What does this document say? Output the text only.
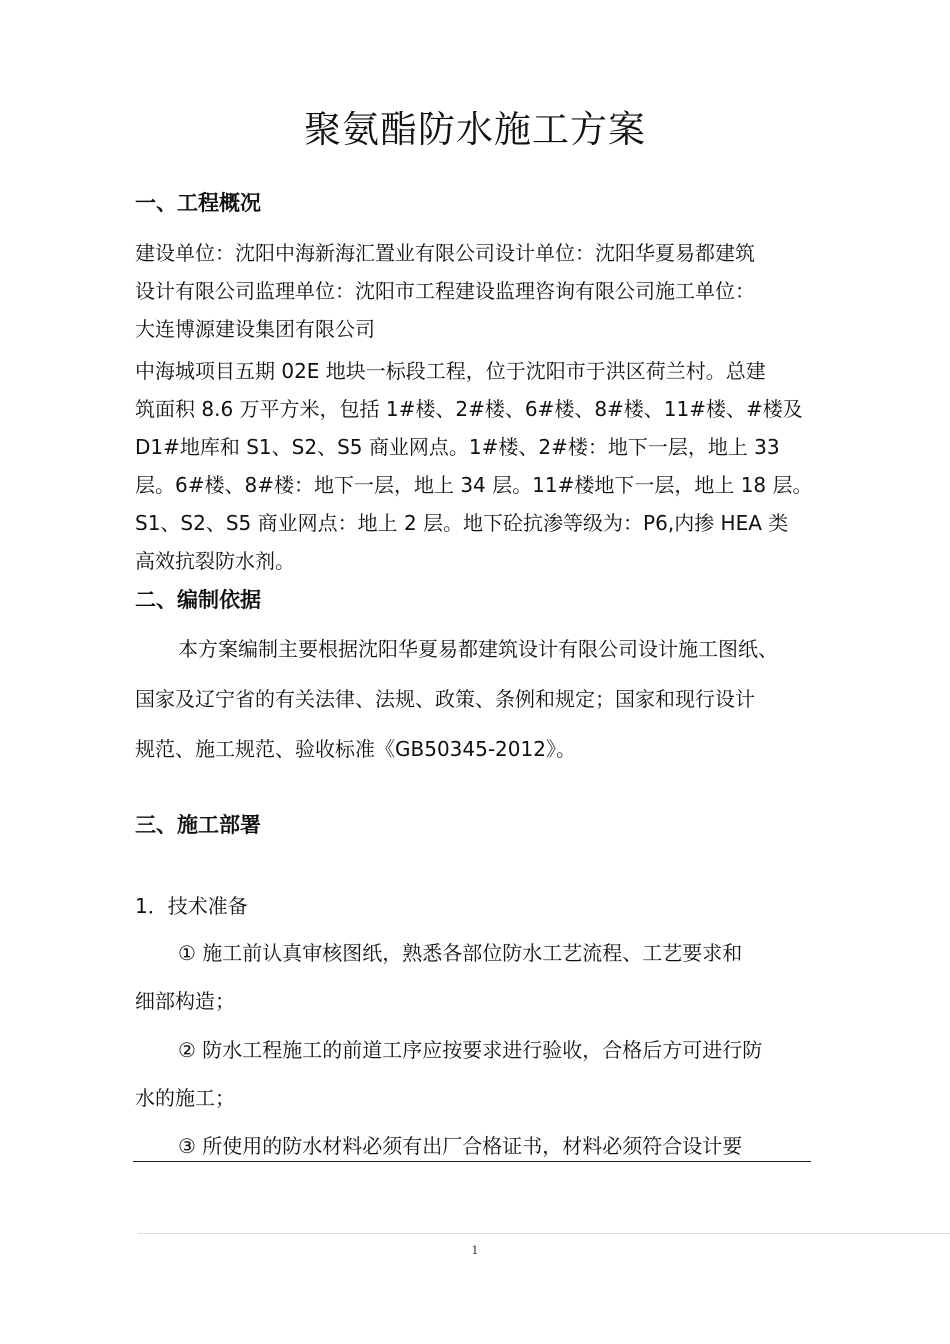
聚氨酯防水施工方案
一、工程概况
建设单位：沈阳中海新海汇置业有限公司设计单位：沈阳华夏易都建筑
设计有限公司监理单位：沈阳市工程建设监理咨询有限公司施工单位：
大连博源建设集团有限公司
中海城项目五期 02E 地块一标段工程，位于沈阳市于洪区荷兰村。总建
筑面积 8.6 万平方米，包括 1#楼、2#楼、6#楼、8#楼、11#楼、#楼及
D1#地库和 S1、S2、S5 商业网点。1#楼、2#楼：地下一层，地上 33
层。6#楼、8#楼：地下一层，地上 34 层。11#楼地下一层，地上 18 层。
S1、S2、S5 商业网点：地上 2 层。地下砼抗渗等级为：P6,内掺 HEA 类
高效抗裂防水剂。
二、编制依据
本方案编制主要根据沈阳华夏易都建筑设计有限公司设计施工图纸、
国家及辽宁省的有关法律、法规、政策、条例和规定；国家和现行设计
规范、施工规范、验收标准《GB50345-2012》。
三、施工部署
1．技术准备
① 施工前认真审核图纸，熟悉各部位防水工艺流程、工艺要求和
细部构造；
② 防水工程施工的前道工序应按要求进行验收，合格后方可进行防
水的施工；
③ 所使用的防水材料必须有出厂合格证书，材料必须符合设计要
1
